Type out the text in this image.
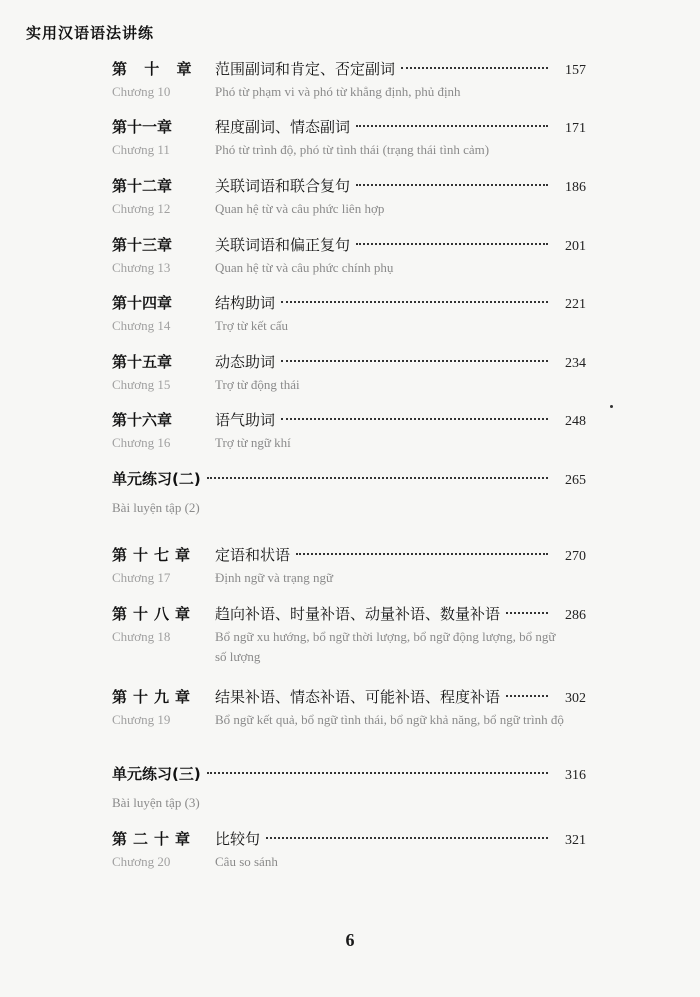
实用汉语语法讲练
第 十 章	范围副词和肯定、否定副词	157
Chương 10	Phó từ phạm vi và phó từ khẳng định, phủ định
第十一章	程度副词、情态副词	171
Chương 11	Phó từ trình độ, phó từ tình thái (trạng thái tình cảm)
第十二章	关联词语和联合复句	186
Chương 12	Quan hệ từ và câu phức liên hợp
第十三章	关联词语和偏正复句	201
Chương 13	Quan hệ từ và câu phức chính phụ
第十四章	结构助词	221
Chương 14	Trợ từ kết cấu
第十五章	动态助词	234
Chương 15	Trợ từ động thái
第十六章	语气助词	248
Chương 16	Trợ từ ngữ khí
单元练习(二)	265
Bài luyện tập (2)
第十七章	定语和状语	270
Chương 17	Định ngữ và trạng ngữ
第十八章	趋向补语、时量补语、动量补语、数量补语	286
Chương 18	Bổ ngữ xu hướng, bổ ngữ thời lượng, bổ ngữ động lượng, bổ ngữ số lượng
第十九章	结果补语、情态补语、可能补语、程度补语	302
Chương 19	Bổ ngữ kết quả, bổ ngữ tình thái, bổ ngữ khả năng, bổ ngữ trình độ
单元练习(三)	316
Bài luyện tập (3)
第二十章	比较句	321
Chương 20	Câu so sánh
6
